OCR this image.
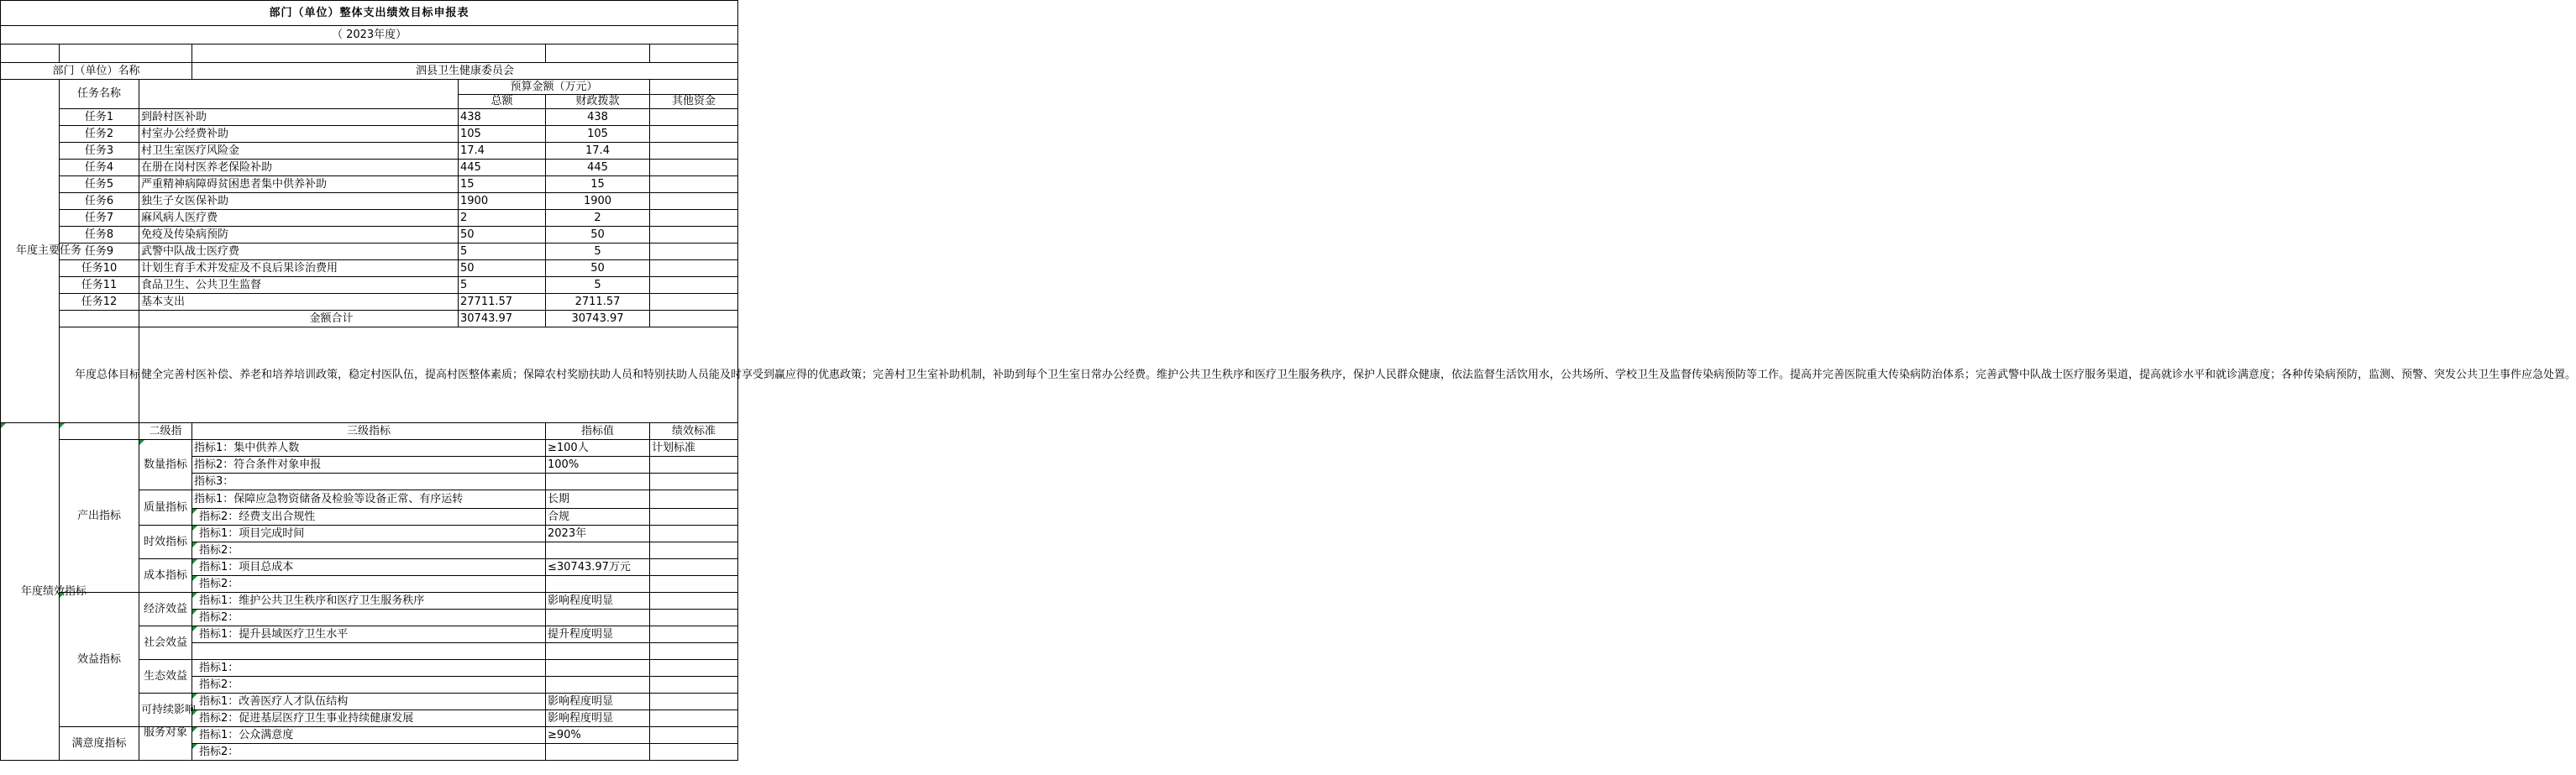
部门（单位）整体支出绩效目标申报表						
（ 2023年度）						

部门（单位）名称			泗县卫生健康委员会			
年度主要任务	任务名称			预算金额（万元）		
				总额	财政拨款	其他资金
	任务1	到龄村医补助		438	438	
	任务2	村室办公经费补助		105	105	
	任务3	村卫生室医疗风险金		17.4	17.4	
	任务4	在册在岗村医养老保险补助		445	445	
	任务5	严重精神病障碍贫困患者集中供养补助		15	15	
	任务6	独生子女医保补助		1900	1900	
	任务7	麻风病人医疗费		2	2	
	任务8	免疫及传染病预防		50	50	
	任务9	武警中队战士医疗费		5	5	
	任务10	计划生育手术并发症及不良后果诊治费用		50	50	
	任务11	食品卫生、公共卫生监督		5	5	
	任务12	基本支出		27711.57	2711.57	
		金额合计		30743.97	30743.97	
	年度总体目标	健全完善村医补偿、养老和培养培训政策，稳定村医队伍，提高村医整体素质；保障农村奖励扶助人员和特别扶助人员能及时享受到赢应得的优惠政策；完善村卫生室补助机制，补助到每个卫生室日常办公经费。维护公共卫生秩序和医疗卫生服务秩序，保护人民群众健康，依法监督生活饮用水，公共场所、学校卫生及监督传染病预防等工作。提高并完善医院重大传染病防治体系；完善武警中队战士医疗服务渠道，提高就诊水平和就诊满意度；各种传染病预防，监测、预警、突发公共卫生事件应急处置。				
年度绩效指标		二级指	三级指标		指标值	绩效标准
	产出指标	数量指标	指标1：集中供养人数		≥100人	计划标准
			指标2：符合条件对象申报		100%	
			指标3：			
		质量指标	指标1：保障应急物资储备及检验等设备正常、有序运转		长期	
			指标2：经费支出合规性		合规	
		时效指标	指标1：项目完成时间		2023年	
			指标2：			
		成本指标	指标1：项目总成本		≤30743.97万元	
			指标2：			
	效益指标	经济效益	指标1：维护公共卫生秩序和医疗卫生服务秩序		影响程度明显	
			指标2：			
		社会效益	指标1：提升县域医疗卫生水平		提升程度明显	

		生态效益	指标1：			
			指标2：			
		可持续影响	指标1：改善医疗人才队伍结构		影响程度明显	
			指标2：促进基层医疗卫生事业持续健康发展		影响程度明显	
	满意度指标	服务对象	指标1：公众满意度		≥90%	
			指标2：			
